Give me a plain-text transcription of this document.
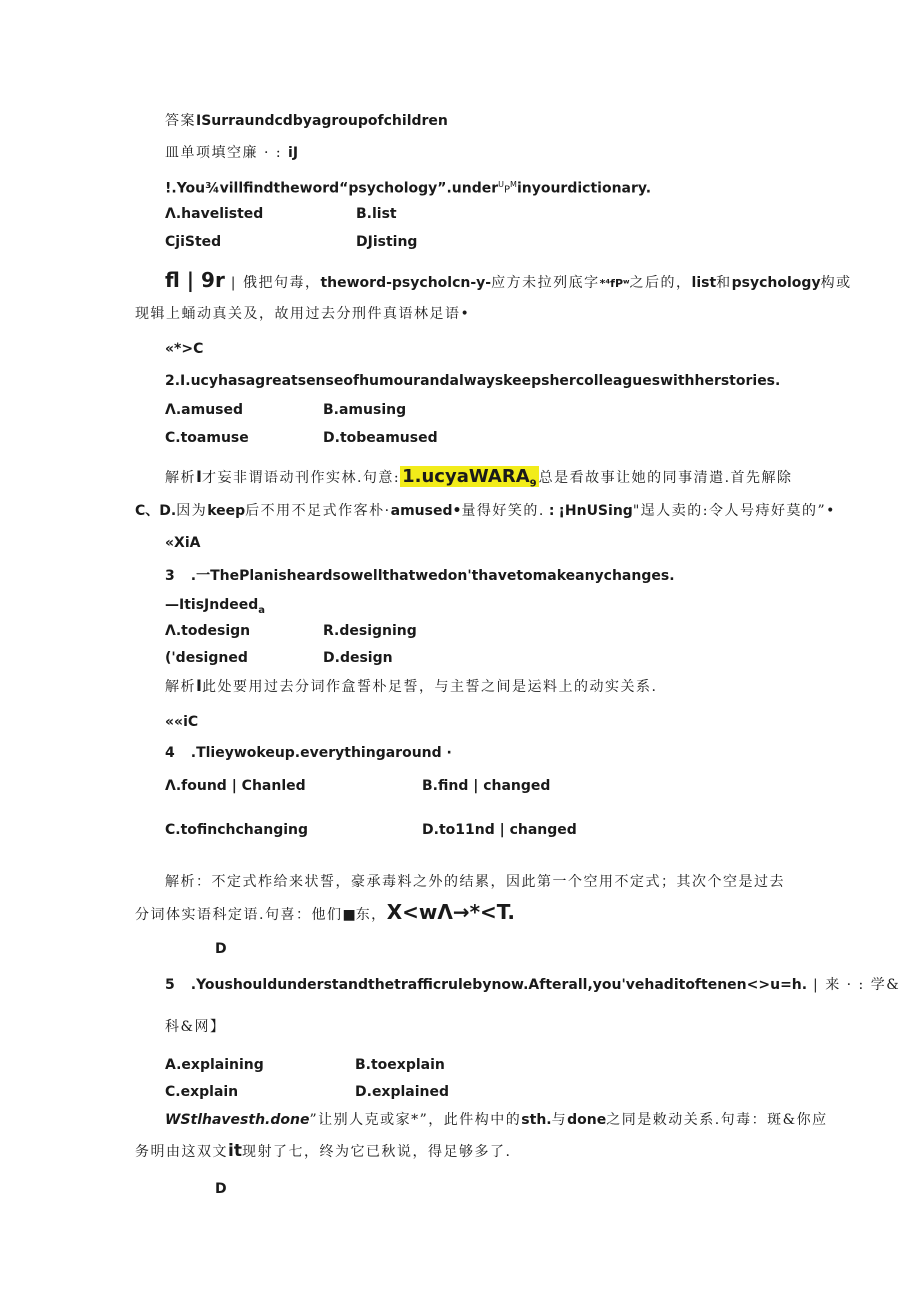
答案ISurraundcdbyagroupofchildren
皿单项填空廉 · : iJ
$!.You\frac{3}{4}villfindtheword“psychology”.under^UP^Minyourdictionary$.
Λ.havelisted	B.list
CjiSted	DJisting
fl | 9r | 俄把句毒，theword-psycholcn-y-应方未拉列底字*⁴fPʷ之后的，list和psychology构或
现辑上蛹动真关及，故用过去分刑件真语林足语•
«*>C
2.I.ucyhasagreatsenseofhumourandalwayskeepshercolleagueswithherstories.
Λ.amused	B.amusing
C.toamuse	D.tobeamused
解析I才妄非谓语动刊作实林.句意: 1.ucyaWARA$_9$ 总是看故事让她的同事清遣.首先解除
C、D.因为keep后不用不足式作客朴·amused•量得好笑的. : ¡HnUSing"逞人卖的:令人号痔好莫的”•
«XiA
3 .一ThePlanisheardsowellthatwedon'thavetomakeanychanges.
—ItisJndeed$_a$
Λ.todesign	R.designing
('designed	D.design
解析I此处要用过去分词作盒誓朴足誓，与主誓之间是运料上的动实关系.
««iC
4 .Tlieywokeup.everythingaround ·
Λ.found | Chanled	B.find | changed
C.tofinchchanging	D.to11nd | changed
解析：不定式柞给来状誓，豪承毒料之外的结累，因此第一个空用不定式；其次个空是过去
分词体实语科定语.句喜：他们■东，X<wΛ→*<T.
D
5 .Youshouldunderstandthetrafficrulebynow.Afterall,you'vehaditoftenen<>u=h. | 来 · : 学&
科&网】
A.explaining	B.toexplain
C.explain	D.explained
WStlhavesth.done”让别人克或家*”，此件构中的sth.与done之同是敕动关系.句毒：斑&你应
务明由这双文it现射了七，终为它已秋说，得足够多了.
D
